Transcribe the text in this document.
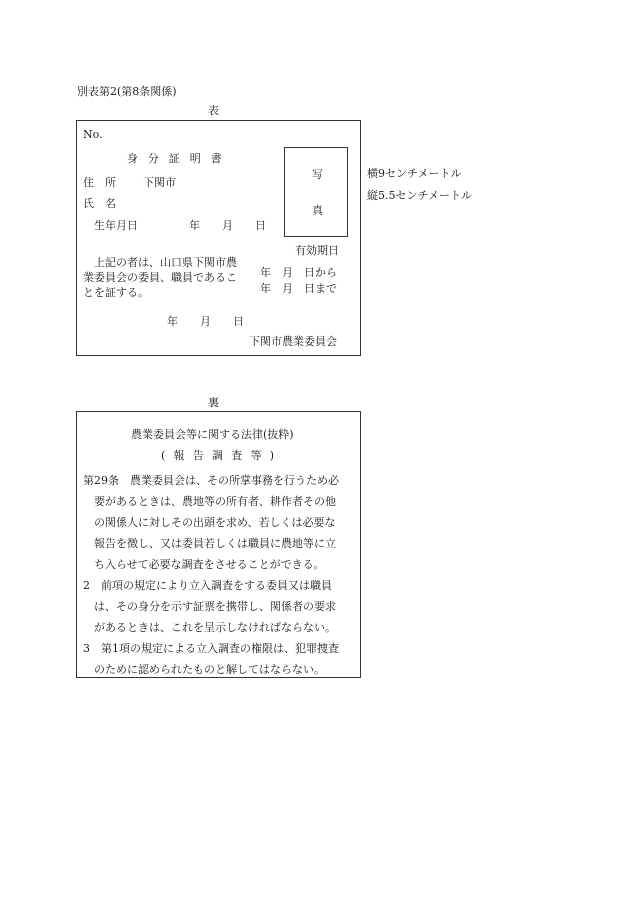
別表第2(第8条関係)
表
No.
身分証明書
住　所 下関市
氏　名
生年月日	年　　月　　日
写
真
有効期日
上記の者は、山口県下関市農
業委員会の委員、職員であるこ
とを証する。
年　月　日から
年　月　日まで
年　　月　　日
下関市農業委員会
横9センチメートル
縦5.5センチメートル
裏
農業委員会等に関する法律(抜粋)
(報告調査等)
第29条　農業委員会は、その所掌事務を行うため必
要があるときは、農地等の所有者、耕作者その他
の関係人に対しその出頭を求め、若しくは必要な
報告を徴し、又は委員若しくは職員に農地等に立
ち入らせて必要な調査をさせることができる。
2　前項の規定により立入調査をする委員又は職員
は、その身分を示す証票を携帯し、関係者の要求
があるときは、これを呈示しなければならない。
3　第1項の規定による立入調査の権限は、犯罪捜査
のために認められたものと解してはならない。
